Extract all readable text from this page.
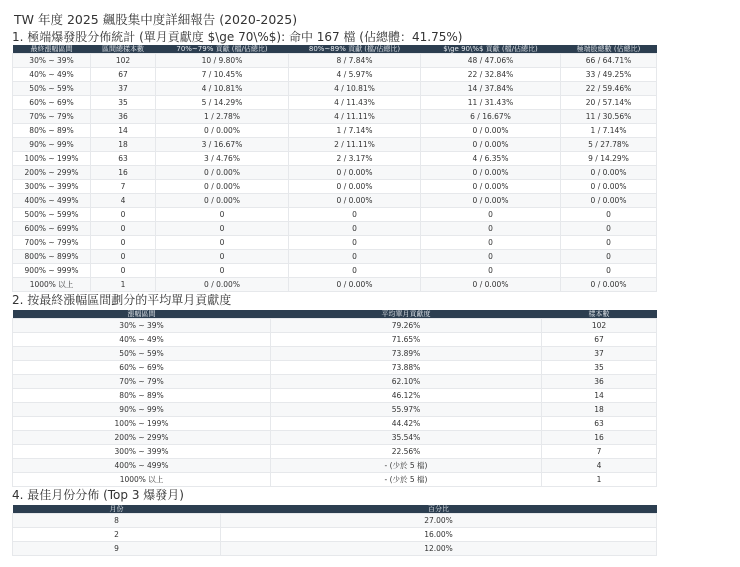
TW 年度 2025 飆股集中度詳細報告 (2020-2025)
1. 極端爆發股分佈統計 (單月貢獻度 $\ge 70\%$): 命中 167 檔 (佔總體：41.75%)
最終漲幅區間	區間總樣本數	70%~79% 貢獻 (檔/佔總比)	80%~89% 貢獻 (檔/佔總比)	$\ge 90\%$ 貢獻 (檔/佔總比)	極端股總數 (佔總比)
30% ~ 39%	102	10 / 9.80%	8 / 7.84%	48 / 47.06%	66 / 64.71%
40% ~ 49%	67	7 / 10.45%	4 / 5.97%	22 / 32.84%	33 / 49.25%
50% ~ 59%	37	4 / 10.81%	4 / 10.81%	14 / 37.84%	22 / 59.46%
60% ~ 69%	35	5 / 14.29%	4 / 11.43%	11 / 31.43%	20 / 57.14%
70% ~ 79%	36	1 / 2.78%	4 / 11.11%	6 / 16.67%	11 / 30.56%
80% ~ 89%	14	0 / 0.00%	1 / 7.14%	0 / 0.00%	1 / 7.14%
90% ~ 99%	18	3 / 16.67%	2 / 11.11%	0 / 0.00%	5 / 27.78%
100% ~ 199%	63	3 / 4.76%	2 / 3.17%	4 / 6.35%	9 / 14.29%
200% ~ 299%	16	0 / 0.00%	0 / 0.00%	0 / 0.00%	0 / 0.00%
300% ~ 399%	7	0 / 0.00%	0 / 0.00%	0 / 0.00%	0 / 0.00%
400% ~ 499%	4	0 / 0.00%	0 / 0.00%	0 / 0.00%	0 / 0.00%
500% ~ 599%	0	0	0	0	0
600% ~ 699%	0	0	0	0	0
700% ~ 799%	0	0	0	0	0
800% ~ 899%	0	0	0	0	0
900% ~ 999%	0	0	0	0	0
1000% 以上	1	0 / 0.00%	0 / 0.00%	0 / 0.00%	0 / 0.00%
2. 按最終漲幅區間劃分的平均單月貢獻度
漲幅區間	平均單月貢獻度	樣本數
30% ~ 39%	79.26%	102
40% ~ 49%	71.65%	67
50% ~ 59%	73.89%	37
60% ~ 69%	73.88%	35
70% ~ 79%	62.10%	36
80% ~ 89%	46.12%	14
90% ~ 99%	55.97%	18
100% ~ 199%	44.42%	63
200% ~ 299%	35.54%	16
300% ~ 399%	22.56%	7
400% ~ 499%	- (少於 5 檔)	4
1000% 以上	- (少於 5 檔)	1
4. 最佳月份分佈 (Top 3 爆發月)
月份	百分比
8	27.00%
2	16.00%
9	12.00%
